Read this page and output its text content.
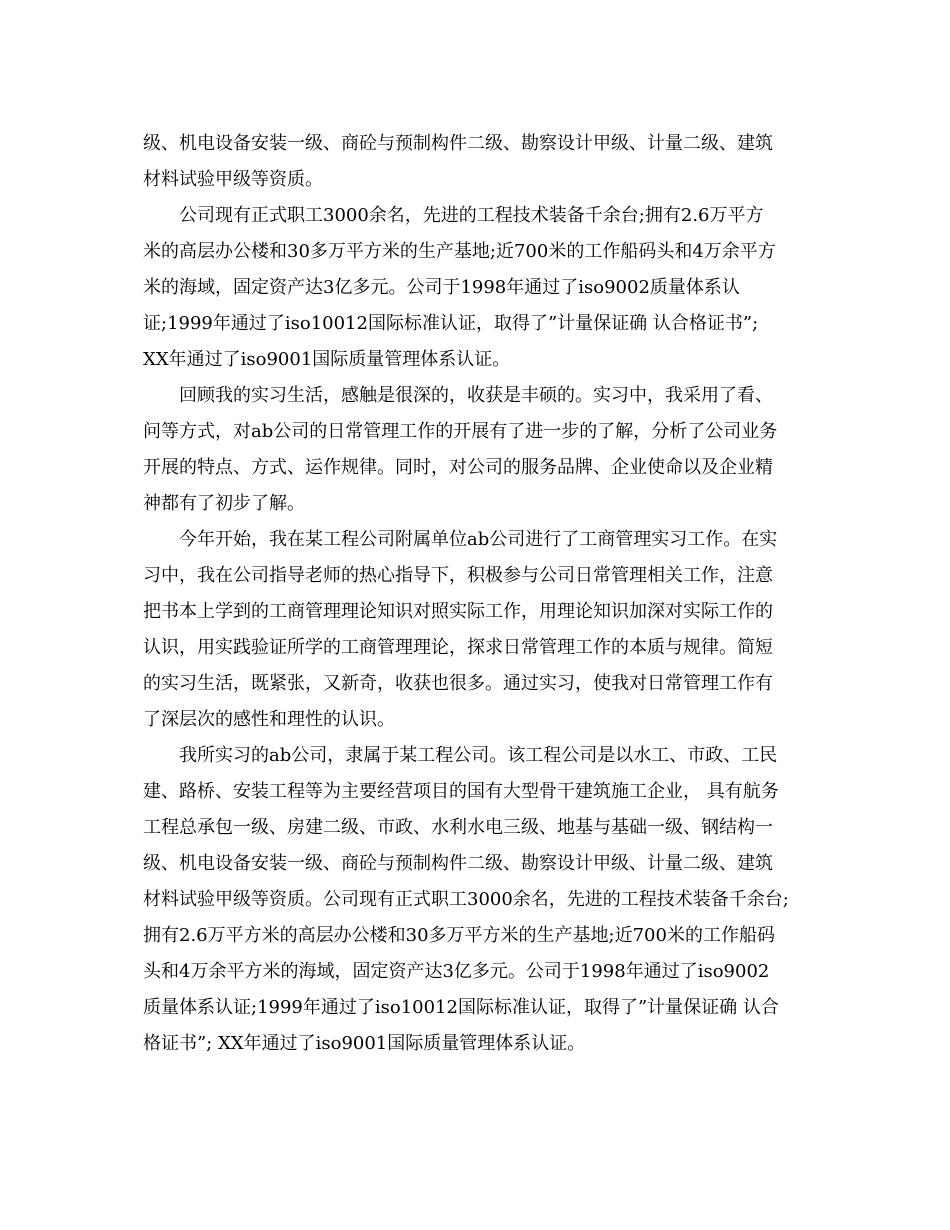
级、机电设备安装一级、商砼与预制构件二级、勘察设计甲级、计量二级、建筑
材料试验甲级等资质。
公司现有正式职工3000余名，先进的工程技术装备千余台;拥有2.6万平方
米的高层办公楼和30多万平方米的生产基地;近700米的工作船码头和4万余平方
米的海域，固定资产达3亿多元。公司于1998年通过了iso9002质量体系认
证;1999年通过了iso10012国际标准认证，取得了”计量保证确 认合格证书”;
XX年通过了iso9001国际质量管理体系认证。
回顾我的实习生活，感触是很深的，收获是丰硕的。实习中，我采用了看、
问等方式，对ab公司的日常管理工作的开展有了进一步的了解，分析了公司业务
开展的特点、方式、运作规律。同时，对公司的服务品牌、企业使命以及企业精
神都有了初步了解。
今年开始，我在某工程公司附属单位ab公司进行了工商管理实习工作。在实
习中，我在公司指导老师的热心指导下，积极参与公司日常管理相关工作，注意
把书本上学到的工商管理理论知识对照实际工作，用理论知识加深对实际工作的
认识，用实践验证所学的工商管理理论，探求日常管理工作的本质与规律。简短
的实习生活，既紧张，又新奇，收获也很多。通过实习，使我对日常管理工作有
了深层次的感性和理性的认识。
我所实习的ab公司，隶属于某工程公司。该工程公司是以水工、市政、工民
建、路桥、安装工程等为主要经营项目的国有大型骨干建筑施工企业， 具有航务
工程总承包一级、房建二级、市政、水利水电三级、地基与基础一级、钢结构一
级、机电设备安装一级、商砼与预制构件二级、勘察设计甲级、计量二级、建筑
材料试验甲级等资质。公司现有正式职工3000余名，先进的工程技术装备千余台;
拥有2.6万平方米的高层办公楼和30多万平方米的生产基地;近700米的工作船码
头和4万余平方米的海域，固定资产达3亿多元。公司于1998年通过了iso9002
质量体系认证;1999年通过了iso10012国际标准认证，取得了”计量保证确 认合
格证书”; XX年通过了iso9001国际质量管理体系认证。
